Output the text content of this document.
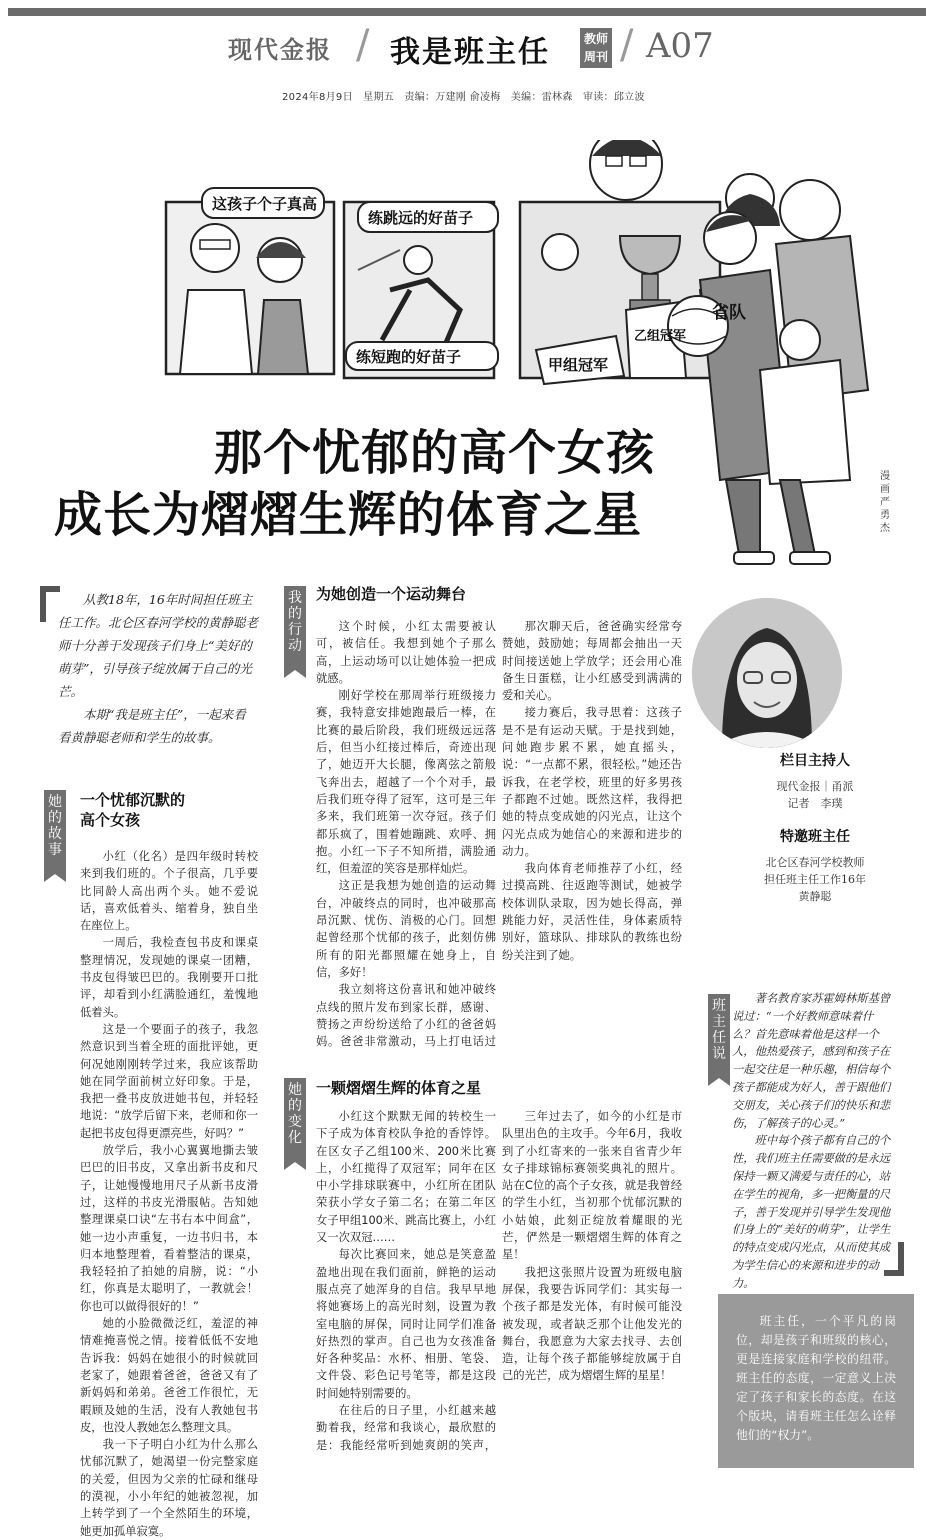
现代金报 / 我是班主任	教师周刊 / A07
2024年8月9日　星期五　责编：万建刚 俞凌梅　美编：雷林森　审读：邱立波
这孩子个子真高
练跳远的好苗子
练短跑的好苗子	甲组冠军
乙组冠军
省队
那个忧郁的高个女孩
成长为熠熠生辉的体育之星
漫画 严勇杰

从教18年，16年时间担任班主任工作。北仑区春河学校的黄静聪老师十分善于发现孩子们身上“美好的萌芽”，引导孩子绽放属于自己的光芒。

本期“我是班主任”，一起来看看黄静聪老师和学生的故事。

她的故事
我的行动
她的变化
班主任说
一个忧郁沉默的
高个女孩

小红（化名）是四年级时转校来到我们班的。个子很高，几乎要比同龄人高出两个头。她不爱说话，喜欢低着头、缩着身，独自坐在座位上。

一周后，我检查包书皮和课桌整理情况，发现她的课桌一团糟，书皮包得皱巴巴的。我刚要开口批评，却看到小红满脸通红，羞愧地低着头。

这是一个要面子的孩子，我忽然意识到当着全班的面批评她，更何况她刚刚转学过来，我应该帮助她在同学面前树立好印象。于是，我把一叠书皮放进她书包，并轻轻地说：“放学后留下来，老师和你一起把书皮包得更漂亮些，好吗？”

放学后，我小心翼翼地撕去皱巴巴的旧书皮，又拿出新书皮和尺子，让她慢慢地用尺子从新书皮滑过，这样的书皮光滑服帖。告知她整理课桌口诀“左书右本中间盒”，她一边小声重复，一边书归书，本归本地整理着，看着整洁的课桌，我轻轻拍了拍她的肩膀，说：“小红，你真是太聪明了，一教就会！你也可以做得很好的！”

她的小脸微微泛红，羞涩的神情难掩喜悦之情。接着低低不安地告诉我：妈妈在她很小的时候就回老家了，她跟着爸爸，爸爸又有了新妈妈和弟弟。爸爸工作很忙，无暇顾及她的生活，没有人教她包书皮，也没人教她怎么整理文具。

我一下子明白小红为什么那么忧郁沉默了，她渴望一份完整家庭的关爱，但因为父亲的忙碌和继母的漠视，小小年纪的她被忽视，加上转学到了一个全然陌生的环境，她更加孤单寂寞。

为她创造一个运动舞台

这个时候，小红太需要被认可，被信任。我想到她个子那么高，上运动场可以让她体验一把成就感。

刚好学校在那周举行班级接力赛，我特意安排她跑最后一棒，在比赛的最后阶段，我们班级远远落后，但当小红接过棒后，奇迹出现了，她迈开大长腿，像离弦之箭般飞奔出去，超越了一个个对手，最后我们班夺得了冠军，这可是三年多来，我们班第一次夺冠。孩子们都乐疯了，围着她蹦跳、欢呼、拥抱。小红一下子不知所措，满脸通红，但羞涩的笑容是那样灿烂。

这正是我想为她创造的运动舞台，冲破终点的同时，也冲破那高昂沉默、忧伤、消极的心门。回想起曾经那个忧郁的孩子，此刻仿佛所有的阳光都照耀在她身上，自信，多好！

我立刻将这份喜讯和她冲破终点线的照片发布到家长群，感谢、赞扬之声纷纷送给了小红的爸爸妈妈。爸爸非常激动，马上打电话过

那次聊天后，爸爸确实经常夸赞她，鼓励她；每周都会抽出一天时间接送她上学放学；还会用心准备生日蛋糕，让小红感受到满满的爱和关心。

接力赛后，我寻思着：这孩子是不是有运动天赋。于是找到她，问她跑步累不累，她直摇头，说：“一点都不累，很轻松。”她还告诉我，在老学校，班里的好多男孩子都跑不过她。既然这样，我得把她的特点变成她的闪光点，让这个闪光点成为她信心的来源和进步的动力。

我向体育老师推荐了小红，经过摸高跳、往返跑等测试，她被学校体训队录取，因为她长得高，弹跳能力好，灵活性佳，身体素质特别好，篮球队、排球队的教练也纷纷关注到了她。

一颗熠熠生辉的体育之星

小红这个默默无闻的转校生一下子成为体育校队争抢的香饽饽。在区女子乙组100米、200米比赛上，小红揽得了双冠军；同年在区中小学排球联赛中，小红所在团队荣获小学女子第二名；在第二年区女子甲组100米、跳高比赛上，小红又一次双冠……

每次比赛回来，她总是笑意盈盈地出现在我们面前，鲜艳的运动服点亮了她浑身的自信。我早早地将她赛场上的高光时刻，设置为教室电脑的屏保，同时让同学们准备好热烈的掌声。自己也为女孩准备好各种奖品：水杯、相册、笔袋、文件袋、彩色记号笔等，都是这段时间她特别需要的。

在往后的日子里，小红越来越勤着我，经常和我谈心，最欣慰的是：我能经常听到她爽朗的笑声，

三年过去了，如今的小红是市队里出色的主攻手。今年6月，我收到了小红寄来的一张来自省青少年女子排球锦标赛领奖典礼的照片。站在C位的高个子女孩，就是我曾经的学生小红，当初那个忧郁沉默的小姑娘，此刻正绽放着耀眼的光芒，俨然是一颗熠熠生辉的体育之星！

我把这张照片设置为班级电脑屏保，我要告诉同学们：其实每一个孩子都是发光体，有时候可能没被发现，或者缺乏那个让他发光的舞台，我愿意为大家去找寻、去创造，让每个孩子都能够绽放属于自己的光芒，成为熠熠生辉的星星！

栏目主持人
现代金报｜甬派
记者　李璞
特邀班主任
北仑区春河学校教师
担任班主任工作16年
黄静聪

著名教育家苏霍姆林斯基曾说过：“一个好教师意味着什么？首先意味着他是这样一个人，他热爱孩子，感到和孩子在一起交往是一种乐趣，相信每个孩子都能成为好人，善于跟他们交朋友，关心孩子们的快乐和悲伤，了解孩子的心灵。”

班中每个孩子都有自己的个性，我们班主任需要做的是永远保持一颗又满爱与责任的心，站在学生的视角，多一把衡量的尺子，善于发现并引导学生发现他们身上的“美好的萌芽”，让学生的特点变成闪光点，从而使其成为学生信心的来源和进步的动力。

班主任，一个平凡的岗位，却是孩子和班级的核心，更是连接家庭和学校的纽带。班主任的态度，一定意义上决定了孩子和家长的态度。在这个版块，请看班主任怎么诠释他们的“权力”。
